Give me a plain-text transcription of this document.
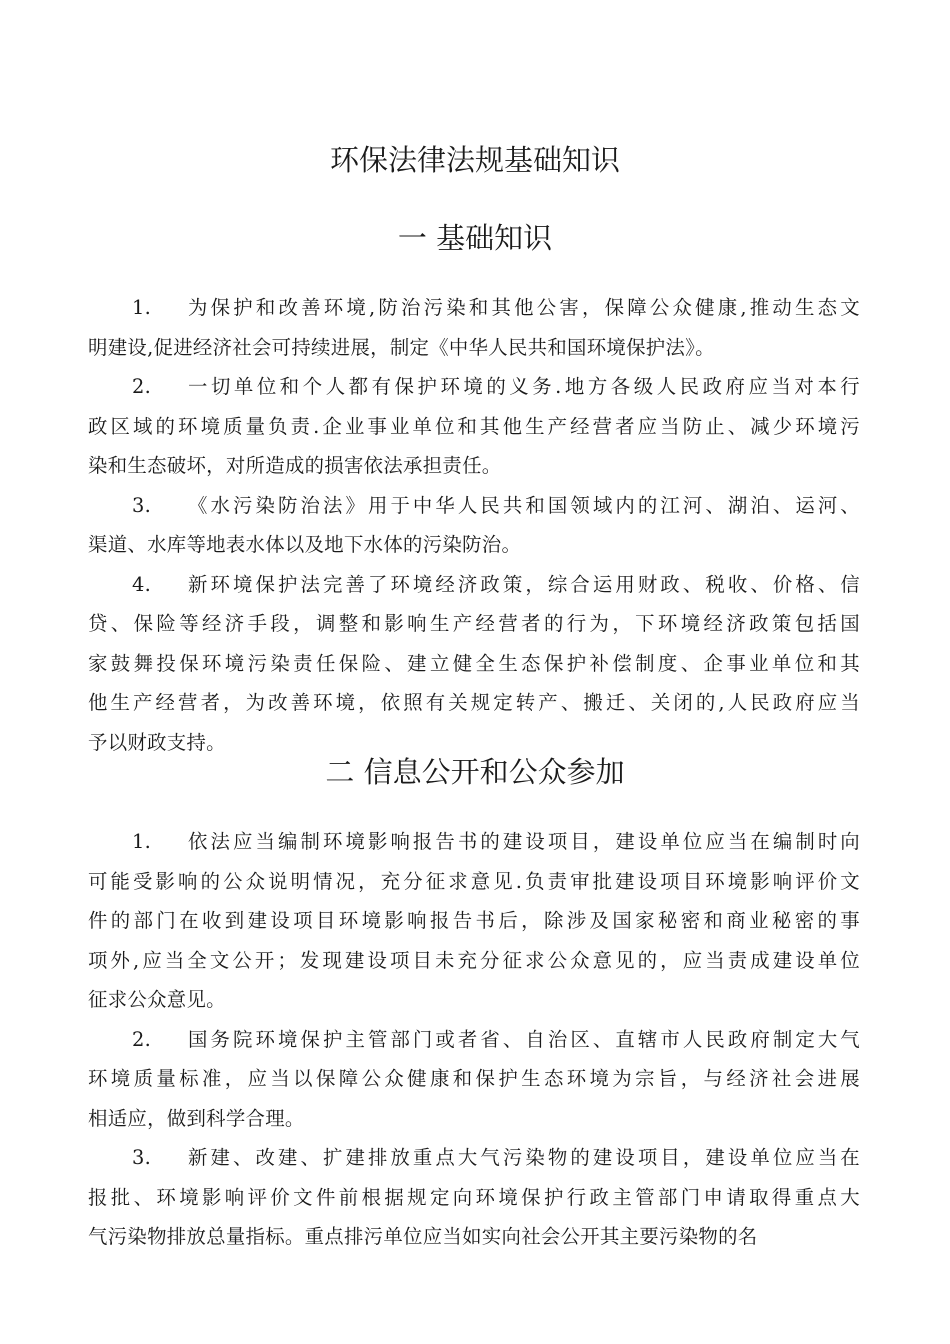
环保法律法规基础知识
一 基础知识
二 信息公开和公众参加
1.	为保护和改善环境,防治污染和其他公害，保障公众健康,推动生态文
明建设,促进经济社会可持续进展，制定《中华人民共和国环境保护法》。
2.	一切单位和个人都有保护环境的义务.地方各级人民政府应当对本行
政区域的环境质量负责.企业事业单位和其他生产经营者应当防止、减少环境污
染和生态破坏，对所造成的损害依法承担责任。
3.	《水污染防治法》用于中华人民共和国领域内的江河、湖泊、运河、
渠道、水库等地表水体以及地下水体的污染防治。
4.	新环境保护法完善了环境经济政策，综合运用财政、税收、价格、信
贷、保险等经济手段，调整和影响生产经营者的行为，下环境经济政策包括国
家鼓舞投保环境污染责任保险、建立健全生态保护补偿制度、企事业单位和其
他生产经营者，为改善环境，依照有关规定转产、搬迁、关闭的,人民政府应当
予以财政支持。
1.	依法应当编制环境影响报告书的建设项目，建设单位应当在编制时向
可能受影响的公众说明情况，充分征求意见.负责审批建设项目环境影响评价文
件的部门在收到建设项目环境影响报告书后，除涉及国家秘密和商业秘密的事
项外,应当全文公开；发现建设项目未充分征求公众意见的，应当责成建设单位
征求公众意见。
2.	国务院环境保护主管部门或者省、自治区、直辖市人民政府制定大气
环境质量标准，应当以保障公众健康和保护生态环境为宗旨，与经济社会进展
相适应，做到科学合理。
3.	新建、改建、扩建排放重点大气污染物的建设项目，建设单位应当在
报批、环境影响评价文件前根据规定向环境保护行政主管部门申请取得重点大
气污染物排放总量指标。重点排污单位应当如实向社会公开其主要污染物的名
